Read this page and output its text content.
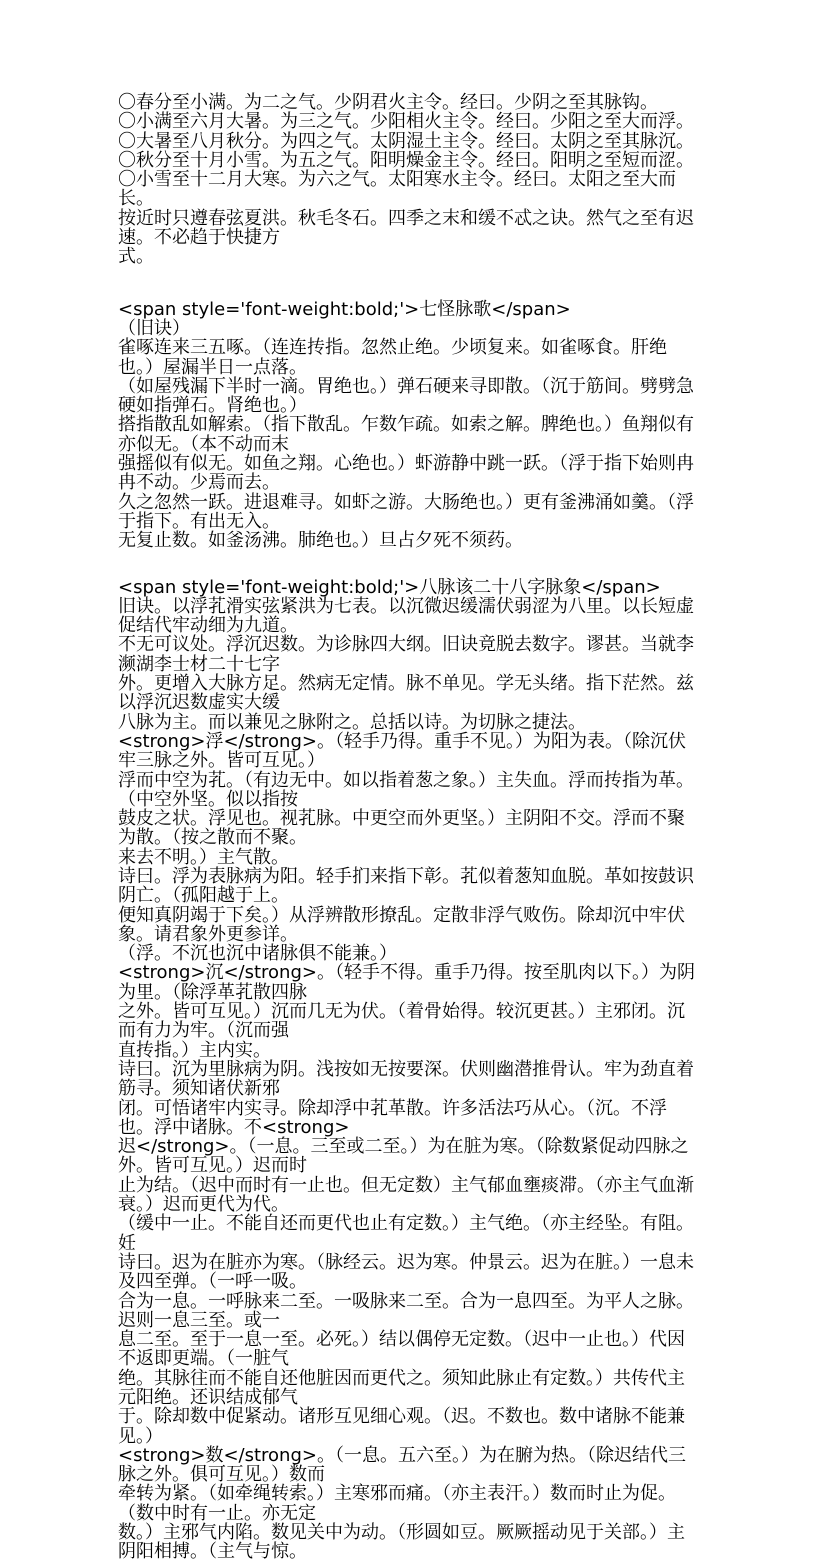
〇春分至小满。为二之气。少阴君火主令。经曰。少阴之至其脉钩。
〇小满至六月大暑。为三之气。少阳相火主令。经曰。少阳之至大而浮。
〇大暑至八月秋分。为四之气。太阴湿土主令。经曰。太阴之至其脉沉。
〇秋分至十月小雪。为五之气。阳明燥金主令。经曰。阳明之至短而涩。
〇小雪至十二月大寒。为六之气。太阳寒水主令。经曰。太阳之至大而长。
按近时只遵春弦夏洪。秋毛冬石。四季之末和缓不忒之诀。然气之至有迟速。不必趋于快捷方
式。
<span style='font-weight:bold;'>七怪脉歌</span>
（旧诀）
雀啄连来三五啄。（连连抟指。忽然止绝。少顷复来。如雀啄食。肝绝也。）屋漏半日一点落。
（如屋残漏下半时一滴。胃绝也。）弹石硬来寻即散。（沉于筋间。劈劈急硬如指弹石。肾绝也。）
搭指散乱如解索。（指下散乱。乍数乍疏。如索之解。脾绝也。）鱼翔似有亦似无。（本不动而末
强摇似有似无。如鱼之翔。心绝也。）虾游静中跳一跃。（浮于指下始则冉冉不动。少焉而去。
久之忽然一跃。进退难寻。如虾之游。大肠绝也。）更有釜沸涌如羹。（浮于指下。有出无入。
无复止数。如釜汤沸。肺绝也。）旦占夕死不须药。
<span style='font-weight:bold;'>八脉该二十八字脉象</span>
旧诀。以浮芤滑实弦紧洪为七表。以沉微迟缓濡伏弱涩为八里。以长短虚促结代牢动细为九道。
不无可议处。浮沉迟数。为诊脉四大纲。旧诀竟脱去数字。谬甚。当就李濒湖李士材二十七字
外。更增入大脉方足。然病无定情。脉不单见。学无头绪。指下茫然。兹以浮沉迟数虚实大缓
八脉为主。而以兼见之脉附之。总括以诗。为切脉之捷法。
<strong>浮</strong>。（轻手乃得。重手不见。）为阳为表。（除沉伏牢三脉之外。皆可互见。）
浮而中空为芤。（有边无中。如以指着葱之象。）主失血。浮而抟指为革。（中空外坚。似以指按
鼓皮之状。浮见也。视芤脉。中更空而外更坚。）主阴阳不交。浮而不聚为散。（按之散而不聚。
来去不明。）主气散。
诗曰。浮为表脉病为阳。轻手扪来指下彰。芤似着葱知血脱。革如按鼓识阴亡。（孤阳越于上。
便知真阴竭于下矣。）从浮辨散形撩乱。定散非浮气败伤。除却沉中牢伏象。请君象外更参详。
（浮。不沉也沉中诸脉俱不能兼。）
<strong>沉</strong>。（轻手不得。重手乃得。按至肌肉以下。）为阴为里。（除浮革芤散四脉
之外。皆可互见。）沉而几无为伏。（着骨始得。较沉更甚。）主邪闭。沉而有力为牢。（沉而强
直抟指。）主内实。
诗曰。沉为里脉病为阴。浅按如无按要深。伏则幽潜推骨认。牢为劲直着筋寻。须知诸伏新邪
闭。可悟诸牢内实寻。除却浮中芤革散。许多活法巧从心。（沉。不浮也。浮中诸脉。不<strong>
迟</strong>。（一息。三至或二至。）为在脏为寒。（除数紧促动四脉之外。皆可互见。）迟而时
止为结。（迟中而时有一止也。但无定数）主气郁血壅痰滞。（亦主气血渐衰。）迟而更代为代。
（缓中一止。不能自还而更代也止有定数。）主气绝。（亦主经坠。有阻。妊
诗曰。迟为在脏亦为寒。（脉经云。迟为寒。仲景云。迟为在脏。）一息未及四至弹。（一呼一吸。
合为一息。一呼脉来二至。一吸脉来二至。合为一息四至。为平人之脉。迟则一息三至。或一
息二至。至于一息一至。必死。）结以偶停无定数。（迟中一止也。）代因不返即更端。（一脏气
绝。其脉往而不能自还他脏因而更代之。须知此脉止有定数。）共传代主元阳绝。还识结成郁气
于。除却数中促紧动。诸形互见细心观。（迟。不数也。数中诸脉不能兼见。）
<strong>数</strong>。（一息。五六至。）为在腑为热。（除迟结代三脉之外。俱可互见。）数而
牵转为紧。（如牵绳转索。）主寒邪而痛。（亦主表汗。）数而时止为促。（数中时有一止。亦无定
数。）主邪气内陷。数见关中为动。（形圆如豆。厥厥摇动见于关部。）主阴阳相搏。（主气与惊。
